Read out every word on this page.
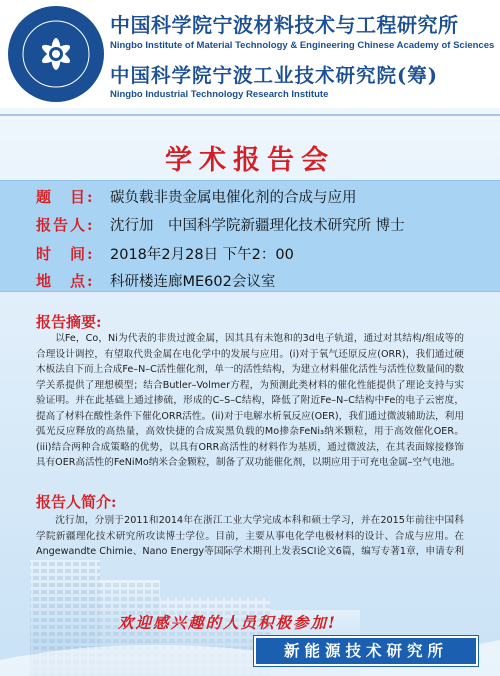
中国科学院宁波材料技术与工程研究所
Ningbo Institute of Material Technology & Engineering Chinese Academy of Sciences
中国科学院宁波工业技术研究院(筹)
Ningbo Industrial Technology Research Institute
学术报告会
题　目: 碳负载非贵金属电催化剂的合成与应用
报告人: 沈行加　中国科学院新疆理化技术研究所 博士
时　间: 2018年2月28日 下午2：00
地　点: 科研楼连廊ME602会议室
报告摘要:
以Fe，Co，Ni为代表的非贵过渡金属，因其具有未饱和的3d电子轨道，通过对其结构/组成等的合理设计调控，有望取代贵金属在电化学中的发展与应用。(i)对于氧气还原反应(ORR)，我们通过硬木板法自下而上合成Fe–N–C活性催化剂，单一的活性结构，为建立材料催化活性与活性位数量间的数学关系提供了理想模型；结合Butler–Volmer方程，为预测此类材料的催化性能提供了理论支持与实验证明。并在此基础上通过掺硫，形成的C–S–C结构，降低了附近Fe–N–C结构中Fe的电子云密度，提高了材料在酸性条件下催化ORR活性。(ii)对于电解水析氧反应(OER)，我们通过微波辅助法，利用弧光反应释放的高热量，高效快捷的合成炭黑负载的Mo掺杂FeNi₃纳米颗粒，用于高效催化OER。(iii)结合两种合成策略的优势，以具有ORR高活性的材料作为基质，通过微波法，在其表面嫁接修饰具有OER高活性的FeNiMo纳米合金颗粒，制备了双功能催化剂，以期应用于可充电金属–空气电池。
报告人简介:
沈行加，分别于2011和2014年在浙江工业大学完成本科和硕士学习，并在2015年前往中国科学院新疆理化技术研究所攻读博士学位。目前，主要从事电化学电极材料的设计、合成与应用。在Angewandte Chimie、Nano Energy等国际学术期刊上发表SCI论文6篇，编写专著1章，申请专利
欢迎感兴趣的人员积极参加!
新能源技术研究所
